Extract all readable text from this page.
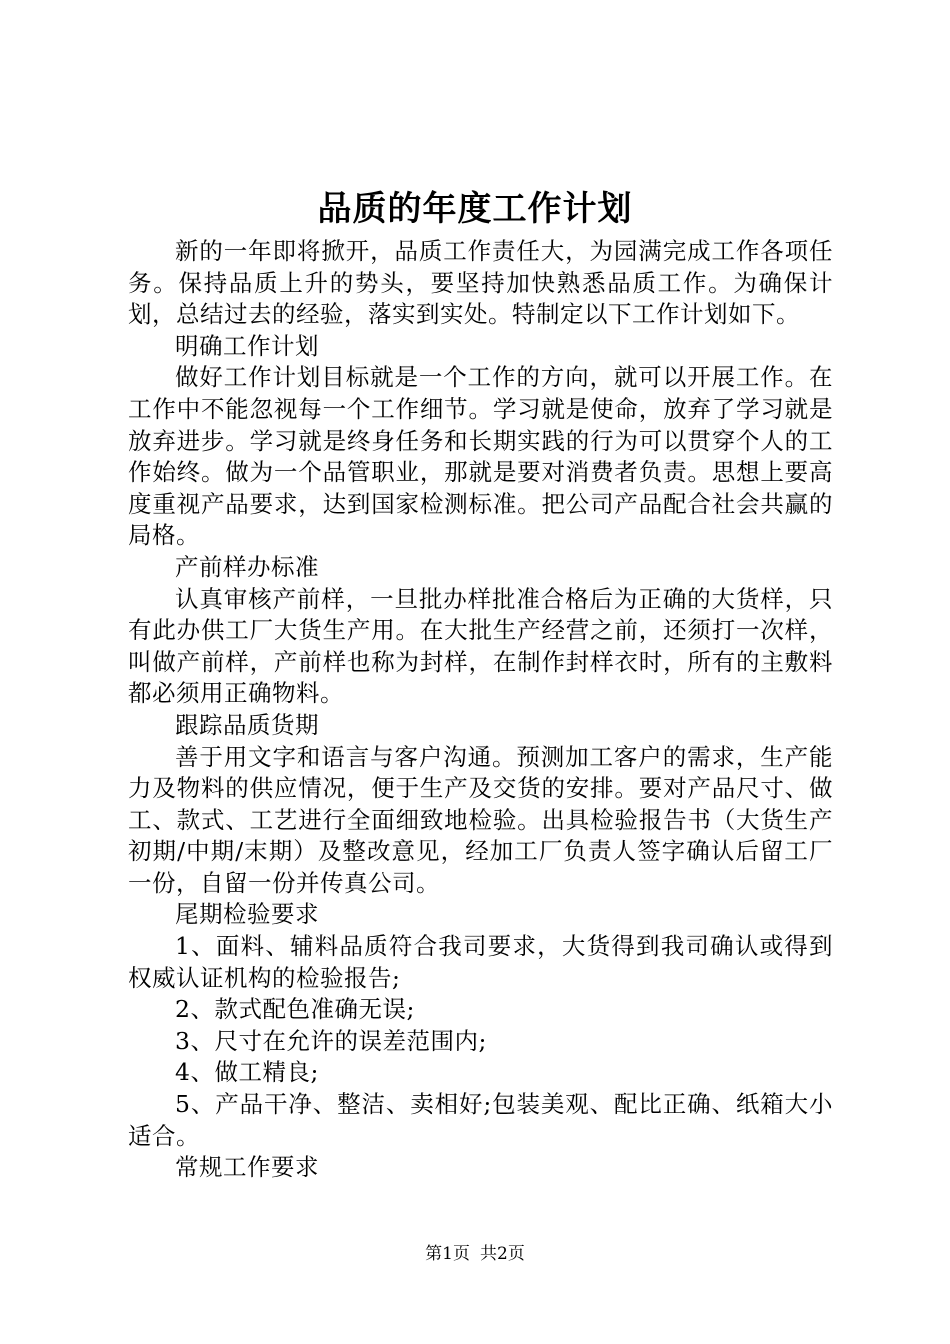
品质的年度工作计划

新的一年即将掀开，品质工作责任大，为园满完成工作各项任务。保持品质上升的势头，要坚持加快熟悉品质工作。为确保计划，总结过去的经验，落实到实处。特制定以下工作计划如下。

明确工作计划

做好工作计划目标就是一个工作的方向，就可以开展工作。在工作中不能忽视每一个工作细节。学习就是使命，放弃了学习就是放弃进步。学习就是终身任务和长期实践的行为可以贯穿个人的工作始终。做为一个品管职业，那就是要对消费者负责。思想上要高度重视产品要求，达到国家检测标准。把公司产品配合社会共赢的局格。

产前样办标准

认真审核产前样，一旦批办样批准合格后为正确的大货样，只有此办供工厂大货生产用。在大批生产经营之前，还须打一次样，叫做产前样，产前样也称为封样，在制作封样衣时，所有的主敷料都必须用正确物料。

跟踪品质货期

善于用文字和语言与客户沟通。预测加工客户的需求，生产能力及物料的供应情况，便于生产及交货的安排。要对产品尺寸、做工、款式、工艺进行全面细致地检验。出具检验报告书（大货生产初期/中期/末期）及整改意见，经加工厂负责人签字确认后留工厂一份，自留一份并传真公司。

尾期检验要求

1、面料、辅料品质符合我司要求，大货得到我司确认或得到权威认证机构的检验报告;

2、款式配色准确无误;

3、尺寸在允许的误差范围内;

4、做工精良;

5、产品干净、整洁、卖相好;包装美观、配比正确、纸箱大小适合。

常规工作要求

第1页 共2页
